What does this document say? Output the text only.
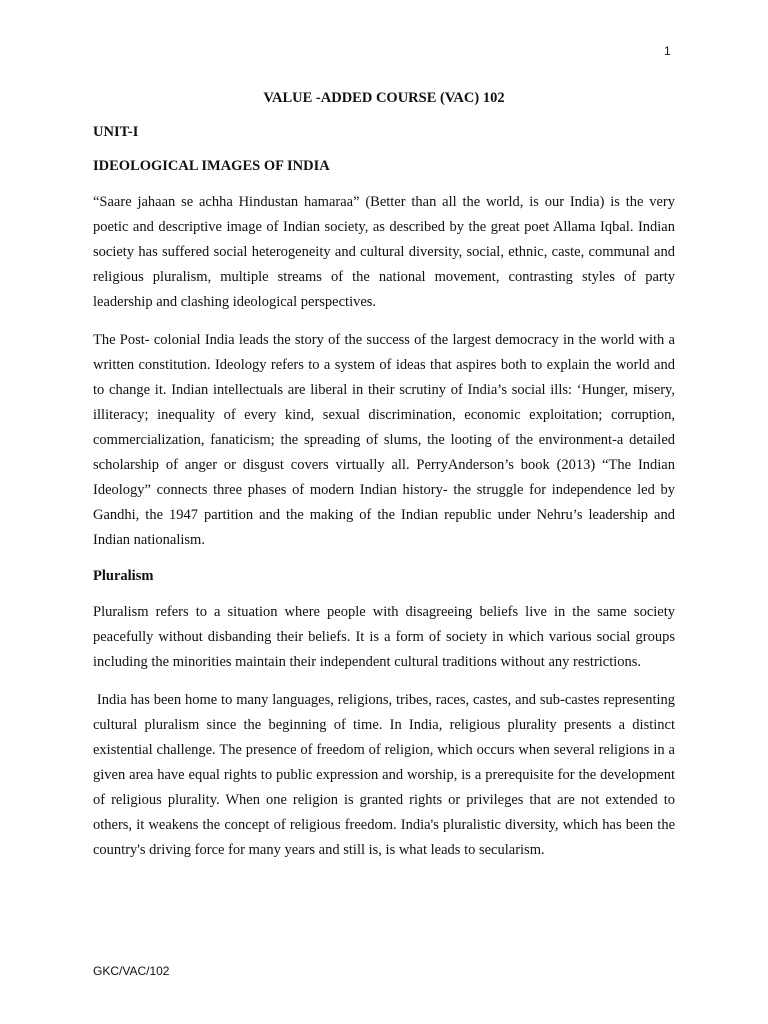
1
VALUE -ADDED COURSE (VAC) 102
UNIT-I
IDEOLOGICAL IMAGES OF INDIA

“Saare jahaan se achha Hindustan hamaraa” (Better than all the world, is our India) is the very poetic and descriptive image of Indian society, as described by the great poet Allama Iqbal. Indian society has suffered social heterogeneity and cultural diversity, social, ethnic, caste, communal and religious pluralism, multiple streams of the national movement, contrasting styles of party leadership and clashing ideological perspectives.

The Post- colonial India leads the story of the success of the largest democracy in the world with a written constitution. Ideology refers to a system of ideas that aspires both to explain the world and to change it. Indian intellectuals are liberal in their scrutiny of India’s social ills: ‘Hunger, misery, illiteracy; inequality of every kind, sexual discrimination, economic exploitation; corruption, commercialization, fanaticism; the spreading of slums, the looting of the environment-a detailed scholarship of anger or disgust covers virtually all. PerryAnderson’s book (2013) “The Indian Ideology” connects three phases of modern Indian history- the struggle for independence led by Gandhi, the 1947 partition and the making of the Indian republic under Nehru’s leadership and Indian nationalism.

Pluralism

Pluralism refers to a situation where people with disagreeing beliefs live in the same society peacefully without disbanding their beliefs. It is a form of society in which various social groups including the minorities maintain their independent cultural traditions without any restrictions.

India has been home to many languages, religions, tribes, races, castes, and sub-castes representing cultural pluralism since the beginning of time. In India, religious plurality presents a distinct existential challenge. The presence of freedom of religion, which occurs when several religions in a given area have equal rights to public expression and worship, is a prerequisite for the development of religious plurality. When one religion is granted rights or privileges that are not extended to others, it weakens the concept of religious freedom. India's pluralistic diversity, which has been the country's driving force for many years and still is, is what leads to secularism.

GKC/VAC/102
